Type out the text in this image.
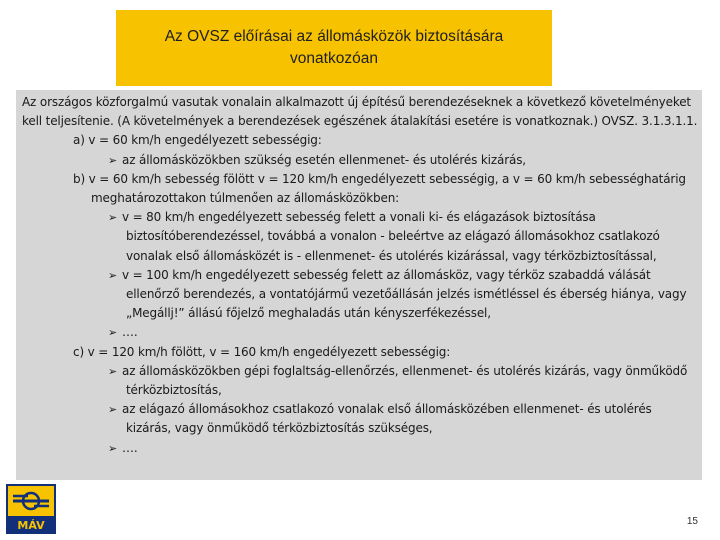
Az OVSZ előírásai az állomásközök biztosítására vonatkozóan

Az országos közforgalmú vasutak vonalain alkalmazott új építésű berendezéseknek a következő követelményeket kell teljesítenie. (A követelmények a berendezések egészének átalakítási esetére is vonatkoznak.) OVSZ. 3.1.3.1.1.

a) v = 60 km/h engedélyezett sebességig:

➢ az állomásközökben szükség esetén ellenmenet- és utolérés kizárás,

b) v = 60 km/h sebesség fölött v = 120 km/h engedélyezett sebességig, a v = 60 km/h sebességhatárig meghatározottakon túlmenően az állomásközökben:

➢ v = 80 km/h engedélyezett sebesség felett a vonali ki- és elágazások biztosítása biztosítóberendezéssel, továbbá a vonalon - beleértve az elágazó állomásokhoz csatlakozó vonalak első állomásközét is - ellenmenet- és utolérés kizárással, vagy térközbiztosítással,

➢ v = 100 km/h engedélyezett sebesség felett az állomásköz, vagy térköz szabaddá válását ellenőrző berendezés, a vontatójármű vezetőállásán jelzés ismétléssel és éberség hiánya, vagy „Megállj!” állású főjelző meghaladás után kényszerfékezéssel,

➢ ….

c) v = 120 km/h fölött, v = 160 km/h engedélyezett sebességig:

➢ az állomásközökben gépi foglaltság-ellenőrzés, ellenmenet- és utolérés kizárás, vagy önműködő térközbiztosítás,

➢ az elágazó állomásokhoz csatlakozó vonalak első állomásközében ellenmenet- és utolérés kizárás, vagy önműködő térközbiztosítás szükséges,

➢ ….

MÁV	15
